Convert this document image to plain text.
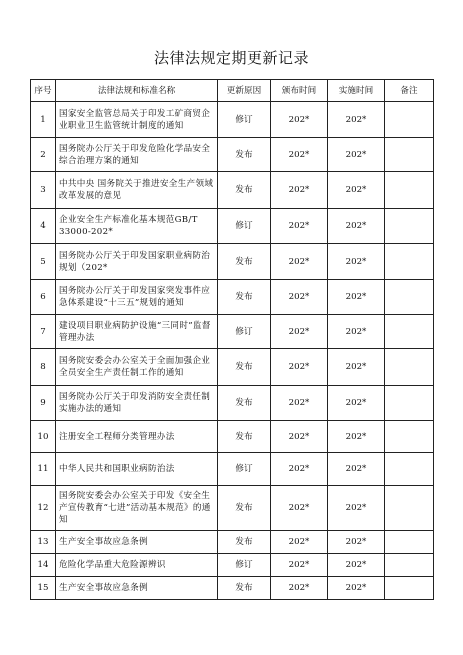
法律法规定期更新记录
序号	法律法规和标准名称	更新原因	颁布时间	实施时间	备注
1	国家安全监管总局关于印发工矿商贸企业职业卫生监管统计制度的通知	修订	202*	202*	
2	国务院办公厅关于印发危险化学品安全综合治理方案的通知	发布	202*	202*	
3	中共中央 国务院关于推进安全生产领域改革发展的意见	发布	202*	202*	
4	企业安全生产标准化基本规范GB/T 33000-202*	修订	202*	202*	
5	国务院办公厅关于印发国家职业病防治规划（202*	发布	202*	202*	
6	国务院办公厅关于印发国家突发事件应急体系建设“十三五”规划的通知	发布	202*	202*	
7	建设项目职业病防护设施“三同时”监督管理办法	修订	202*	202*	
8	国务院安委会办公室关于全面加强企业全员安全生产责任制工作的通知	发布	202*	202*	
9	国务院办公厅关于印发消防安全责任制实施办法的通知	发布	202*	202*	
10	注册安全工程师分类管理办法	发布	202*	202*	
11	中华人民共和国职业病防治法	修订	202*	202*	
12	国务院安委会办公室关于印发《安全生产宣传教育“七进”活动基本规范》的通知	发布	202*	202*	
13	生产安全事故应急条例	发布	202*	202*	
14	危险化学品重大危险源辨识	修订	202*	202*	
15	生产安全事故应急条例	发布	202*	202*	
